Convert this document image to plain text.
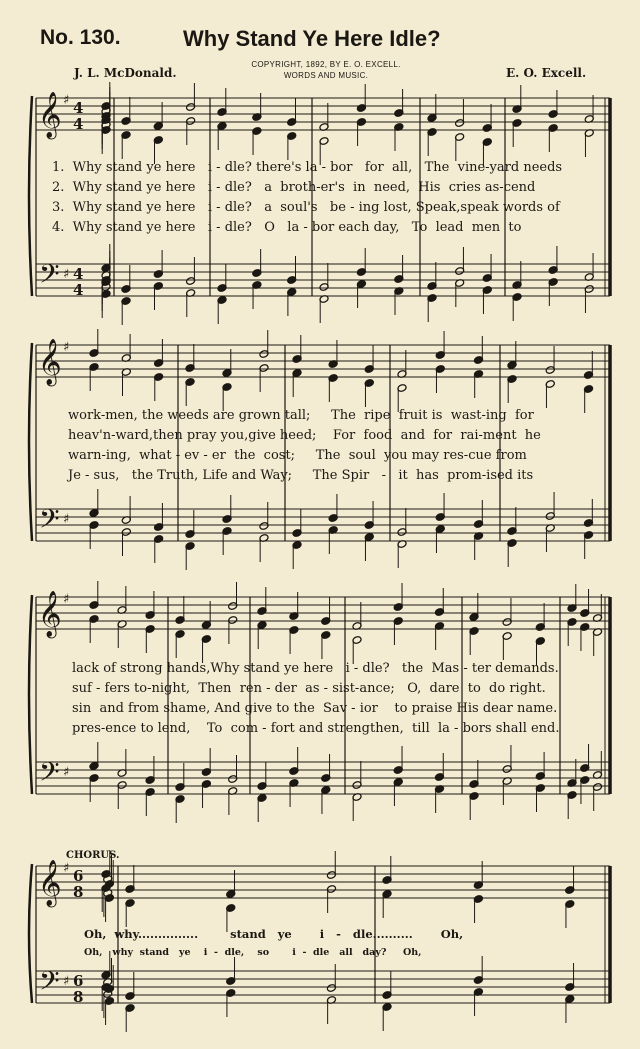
𝄞
𝄢
♯
♯
4
4
4
4
𝄞
𝄢
♯
♯
𝄞
𝄢
♯
♯
𝄞
𝄢
♯
♯
6
8
6
8
No. 130.	Why Stand Ye Here Idle?
J. L. McDonald.
COPYRIGHT, 1892, BY E. O. EXCELL.
WORDS AND MUSIC.	E. O. Excell.
1.  Why stand ye here   i - dle? there's la - bor   for  all,   The  vine-yard needs
2.  Why stand ye here   i - dle?   a  broth-er's  in  need,  His  cries as-cend
3.  Why stand ye here   i - dle?   a  soul's   be - ing lost, Speak,speak words of
4.  Why stand ye here   i - dle?   O   la - bor each day,   To  lead  men  to
work-men, the weeds are grown tall;     The  ripe  fruit is  wast-ing  for
heav'n-ward,then pray you,give heed;    For  food  and  for  rai-ment  he
warn-ing,  what - ev - er  the  cost;     The  soul  you may res-cue from
Je - sus,   the Truth, Life and Way;     The Spir   -   it  has  prom-ised its
lack of strong hands,Why stand ye here   i - dle?   the  Mas - ter demands.
suf - fers to-night,  Then  ren - der  as - sist-ance;   O,  dare  to  do right.
sin  and from shame, And give to the  Sav - ior    to praise His dear name.
pres-ence to lend,    To  com - fort and strengthen,  till  la - bors shall end.
CHORUS.
Oh,  why...............        stand   ye       i   -   dle..........       Oh,
Oh,   why  stand   ye    i  -  dle,    so       i  -  dle   all   day?     Oh,
